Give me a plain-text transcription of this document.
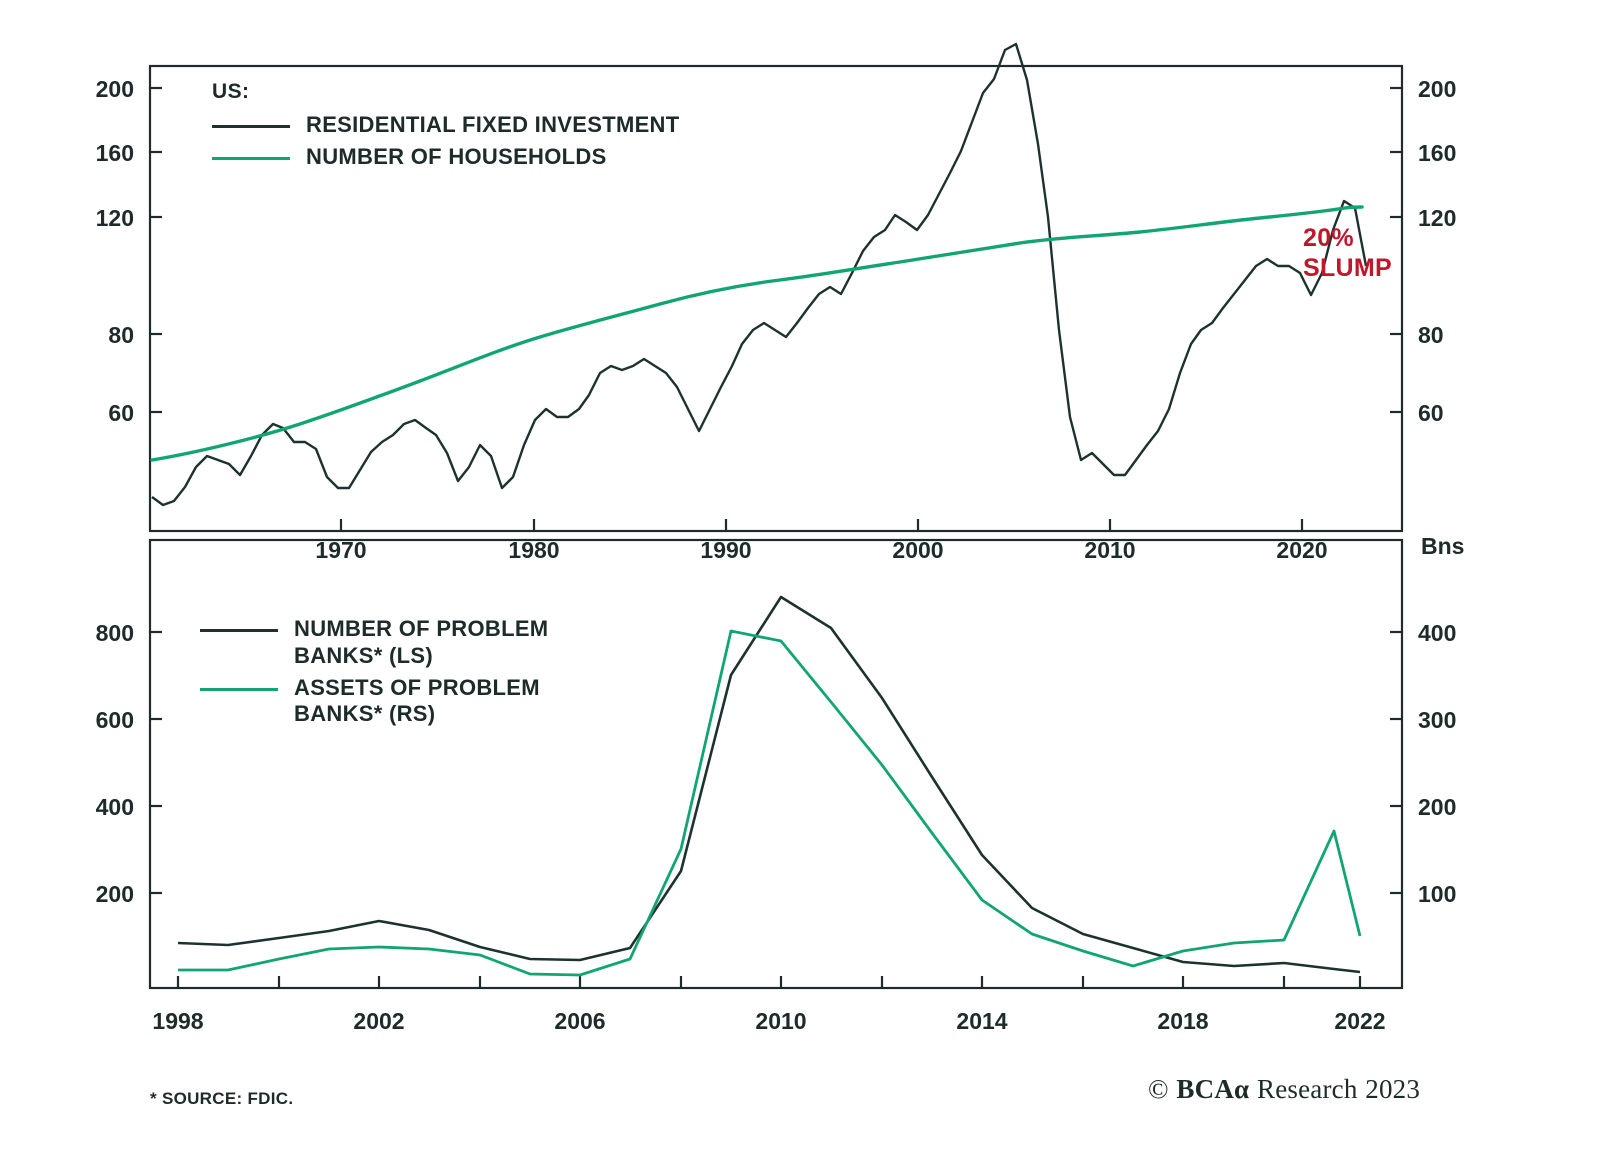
200
160
120
80
60
200
160
120
80
60
1970	1980	1990	2000	2010	2020
US:
RESIDENTIAL FIXED INVESTMENT
NUMBER OF HOUSEHOLDS
20%
SLUMP
Bns
800
600
400
200
400
300
200
100
1998	2002	2006	2010	2014	2018	2022
NUMBER OF PROBLEM
BANKS* (LS)
ASSETS OF PROBLEM
BANKS* (RS)
* SOURCE: FDIC.	© BCAα Research 2023
